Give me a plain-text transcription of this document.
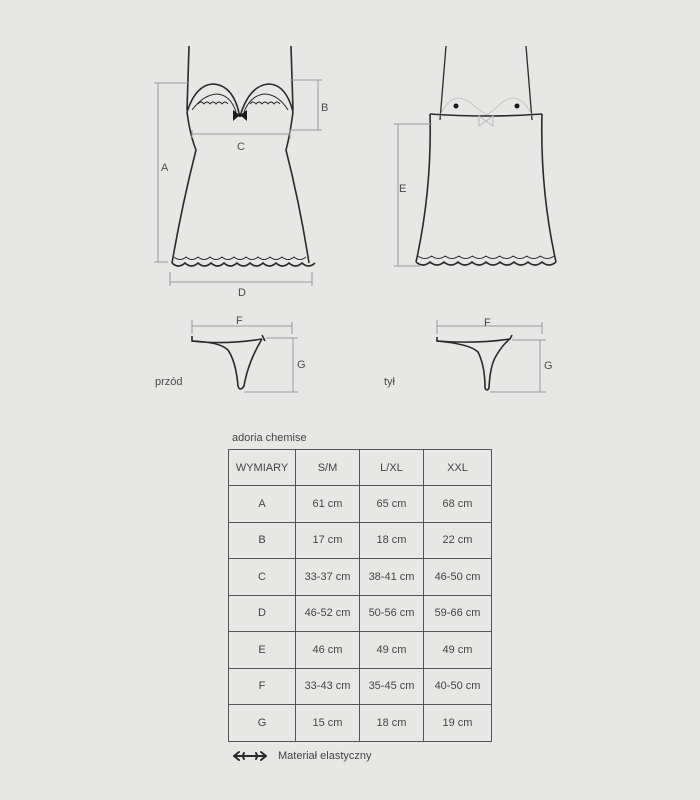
A
B
C
D
E
F
G
F
G
przód	tył
adoria chemise
WYMIARY	S/M	L/XL	XXL
A	61 cm	65 cm	68 cm
B	17 cm	18 cm	22 cm
C	33-37 cm	38-41 cm	46-50 cm
D	46-52 cm	50-56 cm	59-66 cm
E	46 cm	49 cm	49 cm
F	33-43 cm	35-45 cm	40-50 cm
G	15 cm	18 cm	19 cm
Materiał elastyczny
